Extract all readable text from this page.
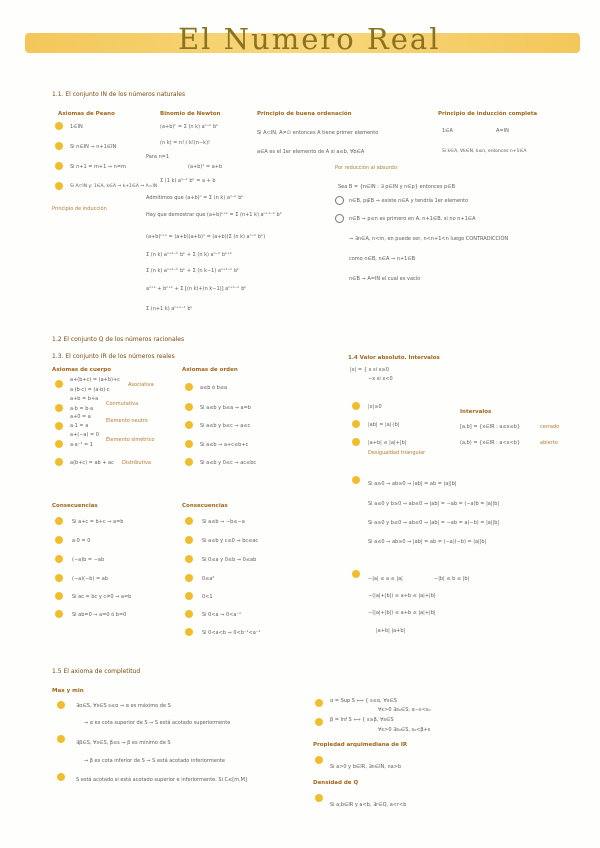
El Numero Real
1.1. El conjunto IN de los números naturales
Axiomas de Peano
1∈IN
Si n∈IN ⇒ n+1∈IN
Si n+1 = m+1 ⇒ n=m
Si A⊂IN y: 1∈A, k∈A ⇒ k+1∈A ⇒ A=IN
Principio de inducción
Binomio de Newton
(a+b)ⁿ = Σ (n k) aⁿ⁻ᵏ bᵏ
(n k) = n! / k!(n−k)!
Para n=1
(a+b)¹ = a+b
Σ (1 k) a¹⁻ᵏ bᵏ = a + b
Admitimos que (a+b)ⁿ = Σ (n k) aⁿ⁻ᵏ bᵏ
Hay que demostrar que (a+b)ⁿ⁺¹ = Σ (n+1 k) aⁿ⁺¹⁻ᵏ bᵏ
(a+b)ⁿ⁺¹ = (a+b)(a+b)ⁿ = (a+b)(Σ (n k) aⁿ⁻ᵏ bᵏ)
Σ (n k) aⁿ⁺¹⁻ᵏ bᵏ + Σ (n k) aⁿ⁻ᵏ bᵏ⁺¹
Σ (n k) aⁿ⁺¹⁻ᵏ bᵏ + Σ (n k−1) aⁿ⁺¹⁻ᵏ bᵏ
aⁿ⁺¹ + bⁿ⁺¹ + Σ [(n k)+(n k−1)] aⁿ⁺¹⁻ᵏ bᵏ
Σ (n+1 k) aⁿ⁺¹⁻ᵏ bᵏ
Principio de buena ordenación
Si A⊂IN, A≠∅ entonces A tiene primer elemento
a∈A es el 1er elemento de A si a≤b, ∀b∈A
Por reducción al absurdo:
Sea B = {n∈IN : ∃ p∈IN y n∈p} entonces p∈B
n∈B, p∉B ⇒ existe n∈A y tendría 1er elemento
n∈B ⇒ p≤n es primero en A, n+1∈B, si no n+1∈A
⇒ ∃n∈A, n<m, en puede ser, n<n+1<n luego CONTRADICCIÓN
como n∈B, n∈A ⇒ n+1∈B
n∈B ⇒ A=IN el cual es vacío
Principio de inducción completa
1∈A	A=IN
Si k∈A, ∀k∈N, k≤n, entonces n+1∈A
1.2 El conjunto Q de los números racionales
1.3. El conjunto IR de los números reales
Axiomas de cuerpo
a+(b+c) = (a+b)+c
a·(b·c) = (a·b)·c
Asociativa
a+b = b+a
a·b = b·a
Conmutativa
a+0 = a
a·1 = a
Elemento neutro
a+(−a) = 0
a·a⁻¹ = 1
Elemento simétrico
a(b+c) = ab + ac Distributiva
Axiomas de orden
a≤b ó b≤a
Si a≤b y b≤a ⇒ a=b
Si a≤b y b≤c ⇒ a≤c
Si a≤b ⇒ a+c≤b+c
Si a≤b y 0≤c ⇒ ac≤bc
1.4 Valor absoluto. Intervalos
|x| = { x si x≥0
−x si x<0
|x|≥0
|ab| = |a|·|b|
|a+b| ≤ |a|+|b|
Desigualdad triangular
Intervalos
[a,b] = {x∈IR : a≤x≤b}	cerrado
(a,b) = {x∈IR : a<x<b}	abierto
Si a≥0 ⇒ ab≥0 ⇒ |ab| = ab = |a||b|
Si a≤0 y b≥0 ⇒ ab≤0 ⇒ |ab| = −ab = (−a)b = |a||b|
Si a≥0 y b≤0 ⇒ ab≤0 ⇒ |ab| = −ab = a(−b) = |a||b|
Si a≤0 ⇒ ab≥0 ⇒ |ab| = ab = (−a)(−b) = |a||b|
−|a| ≤ a ≤ |a|	−|b| ≤ b ≤ |b|
−(|a|+|b|) ≤ a+b ≤ |a|+|b|
−(|a|+|b|) ≤ a+b ≤ |a|+|b|
|a+b| |a+b|
Consecuencias
Si a+c = b+c ⇒ a=b
a·0 = 0
(−a)b = −ab
(−a)(−b) = ab
Si ac = bc y c≠0 ⇒ a=b
Si ab=0 ⇒ a=0 ó b=0
Consecuencias
Si a≤b ⇒ −b≤−a
Si a≤b y c≤0 ⇒ bc≤ac
Si 0≤a y 0≤b ⇒ 0≤ab
0≤a²
0<1
Si 0<a ⇒ 0<a⁻¹
Si 0<a<b ⇒ 0<b⁻¹<a⁻¹
1.5 El axioma de completitud
Max y min
∃α∈S, ∀s∈S s≤α ⇒ α es máximo de S
⇒ α es cota superior de S ⇒ S está acotado superiormente
∃β∈S, ∀s∈S, β≤s ⇒ β es mínimo de S
⇒ β es cota inferior de S ⇒ S está acotado inferiormente
S está acotado si está acotado superior e inferiormente. Si C≤[m,M]
α = Sup S ⟺ { s≤α, ∀s∈S
∀ε>0 ∃s₀∈S, α−ε<s₀
β = Inf S ⟺ { s≥β, ∀s∈S
∀ε>0 ∃s₀∈S, s₀<β+ε
Propiedad arquimediana de IR
Si a>0 y b∈IR, ∃n∈IN, na>b
Densidad de Q
Si a,b∈IR y a<b, ∃r∈Q, a<r<b
